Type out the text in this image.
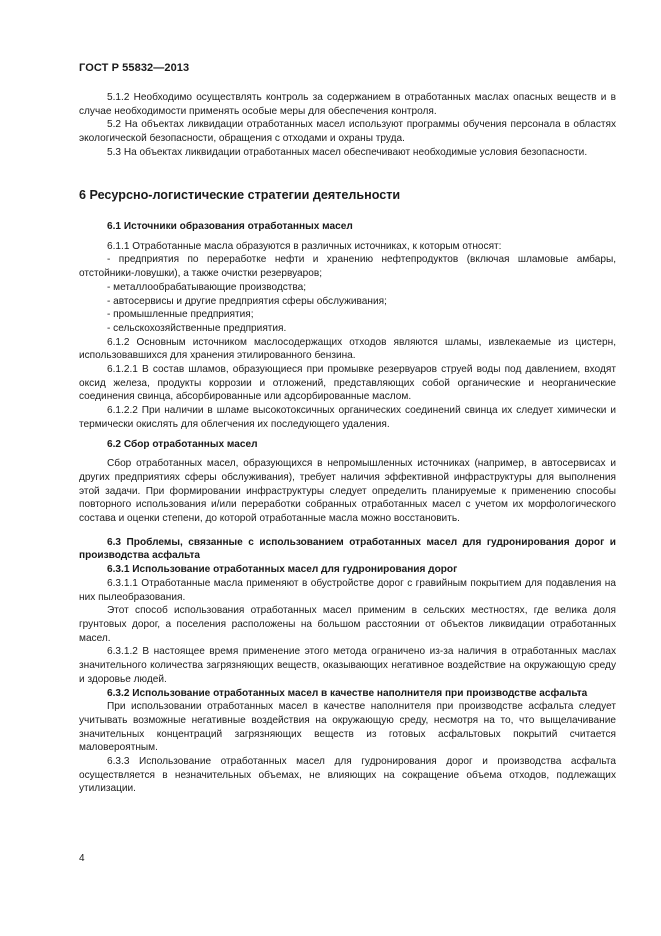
ГОСТ Р 55832—2013

5.1.2 Необходимо осуществлять контроль за содержанием в отработанных маслах опасных веществ и в случае необходимости применять особые меры для обеспечения контроля.

5.2 На объектах ликвидации отработанных масел используют программы обучения персонала в областях экологической безопасности, обращения с отходами и охраны труда.

5.3 На объектах ликвидации отработанных масел обеспечивают необходимые условия безопасности.

6 Ресурсно-логистические стратегии деятельности

6.1 Источники образования отработанных масел

6.1.1 Отработанные масла образуются в различных источниках, к которым относят:

- предприятия по переработке нефти и хранению нефтепродуктов (включая шламовые амбары, отстойники-ловушки), а также очистки резервуаров;

- металлообрабатывающие производства;

- автосервисы и другие предприятия сферы обслуживания;

- промышленные предприятия;

- сельскохозяйственные предприятия.

6.1.2 Основным источником маслосодержащих отходов являются шламы, извлекаемые из цистерн, использовавшихся для хранения этилированного бензина.

6.1.2.1 В состав шламов, образующиеся при промывке резервуаров струей воды под давлением, входят оксид железа, продукты коррозии и отложений, представляющих собой органические и неорганические соединения свинца, абсорбированные или адсорбированные маслом.

6.1.2.2 При наличии в шламе высокотоксичных органических соединений свинца их следует химически и термически окислять для облегчения их последующего удаления.

6.2 Сбор отработанных масел

Сбор отработанных масел, образующихся в непромышленных источниках (например, в автосервисах и других предприятиях сферы обслуживания), требует наличия эффективной инфраструктуры для выполнения этой задачи. При формировании инфраструктуры следует определить планируемые к применению способы повторного использования и/или переработки собранных отработанных масел с учетом их морфологического состава и оценки степени, до которой отработанные масла можно восстановить.

6.3 Проблемы, связанные с использованием отработанных масел для гудронирования дорог и производства асфальта

6.3.1 Использование отработанных масел для гудронирования дорог

6.3.1.1 Отработанные масла применяют в обустройстве дорог с гравийным покрытием для подавления на них пылеобразования.

Этот способ использования отработанных масел применим в сельских местностях, где велика доля грунтовых дорог, а поселения расположены на большом расстоянии от объектов ликвидации отработанных масел.

6.3.1.2 В настоящее время применение этого метода ограничено из-за наличия в отработанных маслах значительного количества загрязняющих веществ, оказывающих негативное воздействие на окружающую среду и здоровье людей.

6.3.2 Использование отработанных масел в качестве наполнителя при производстве асфальта

При использовании отработанных масел в качестве наполнителя при производстве асфальта следует учитывать возможные негативные воздействия на окружающую среду, несмотря на то, что выщелачивание значительных концентраций загрязняющих веществ из готовых асфальтовых покрытий считается маловероятным.

6.3.3 Использование отработанных масел для гудронирования дорог и производства асфальта осуществляется в незначительных объемах, не влияющих на сокращение объема отходов, подлежащих утилизации.

4
